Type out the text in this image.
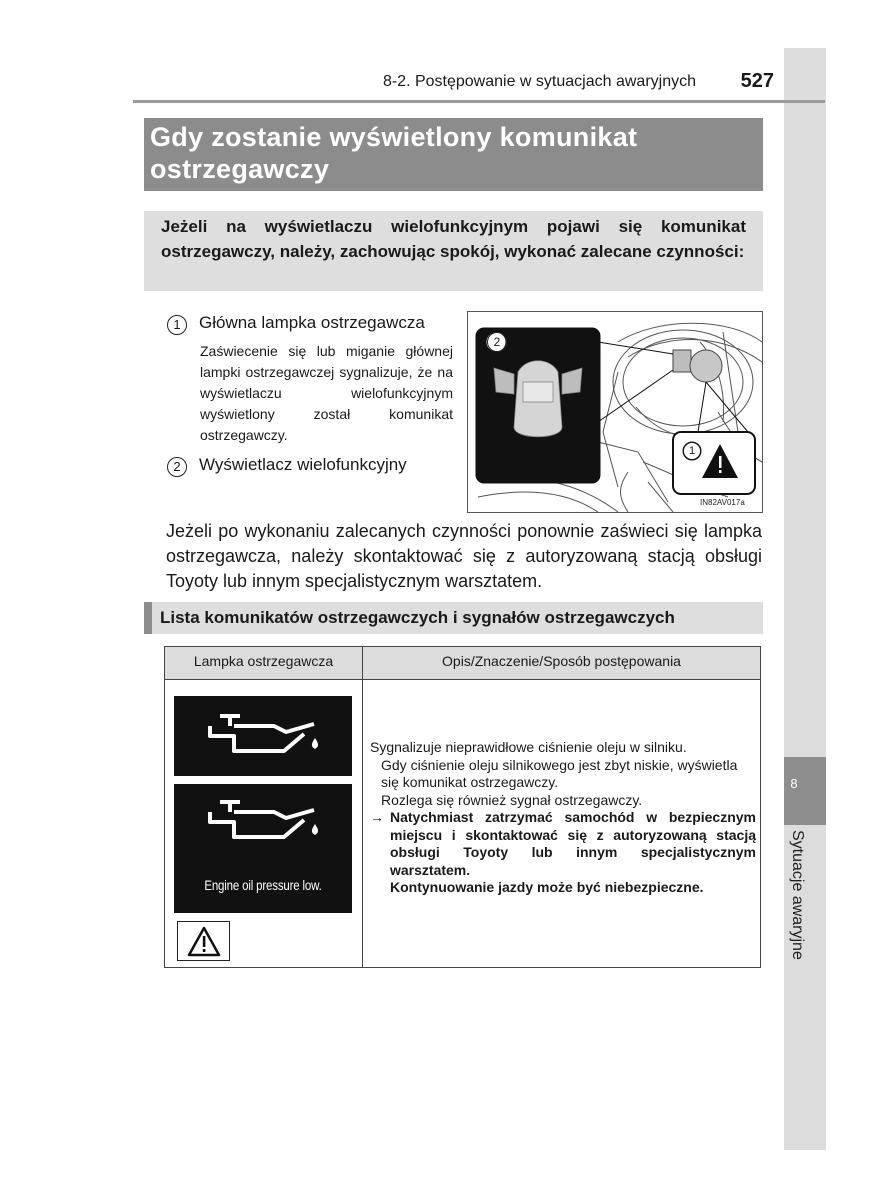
8
Sytuacje awaryjne
8-2. Postępowanie w sytuacjach awaryjnych	527
Gdy zostanie wyświetlony komunikat
ostrzegawczy
Jeżeli na wyświetlaczu wielofunkcyjnym pojawi się komunikat ostrzegawczy, należy, zachowując spokój, wykonać zalecane czynności:
1	Główna lampka ostrzegawcza
Zaświecenie się lub miganie głównej lampki ostrzegawczej sygnalizuje, że na wyświetlaczu wielofunkcyjnym wyświetlony został komunikat ostrzegawczy.
2	Wyświetlacz wielofunkcyjny
2
1
IN82AV017a
Jeżeli po wykonaniu zalecanych czynności ponownie zaświeci się lampka ostrzegawcza, należy skontaktować się z autoryzowaną stacją obsługi Toyoty lub innym specjalistycznym warsztatem.
Lista komunikatów ostrzegawczych i sygnałów ostrzegawczych
Lampka ostrzegawcza	Opis/Znaczenie/Sposób postępowania
Engine oil pressure low.
Sygnalizuje nieprawidłowe ciśnienie oleju w silniku.
Gdy ciśnienie oleju silnikowego jest zbyt niskie, wyświetla się komunikat ostrzegawczy.
Rozlega się również sygnał ostrzegawczy.
→ Natychmiast zatrzymać samochód w bezpiecznym miejscu i skontaktować się z autoryzowaną stacją obsługi Toyoty lub innym specjalistycznym warsztatem.
Kontynuowanie jazdy może być niebezpieczne.
